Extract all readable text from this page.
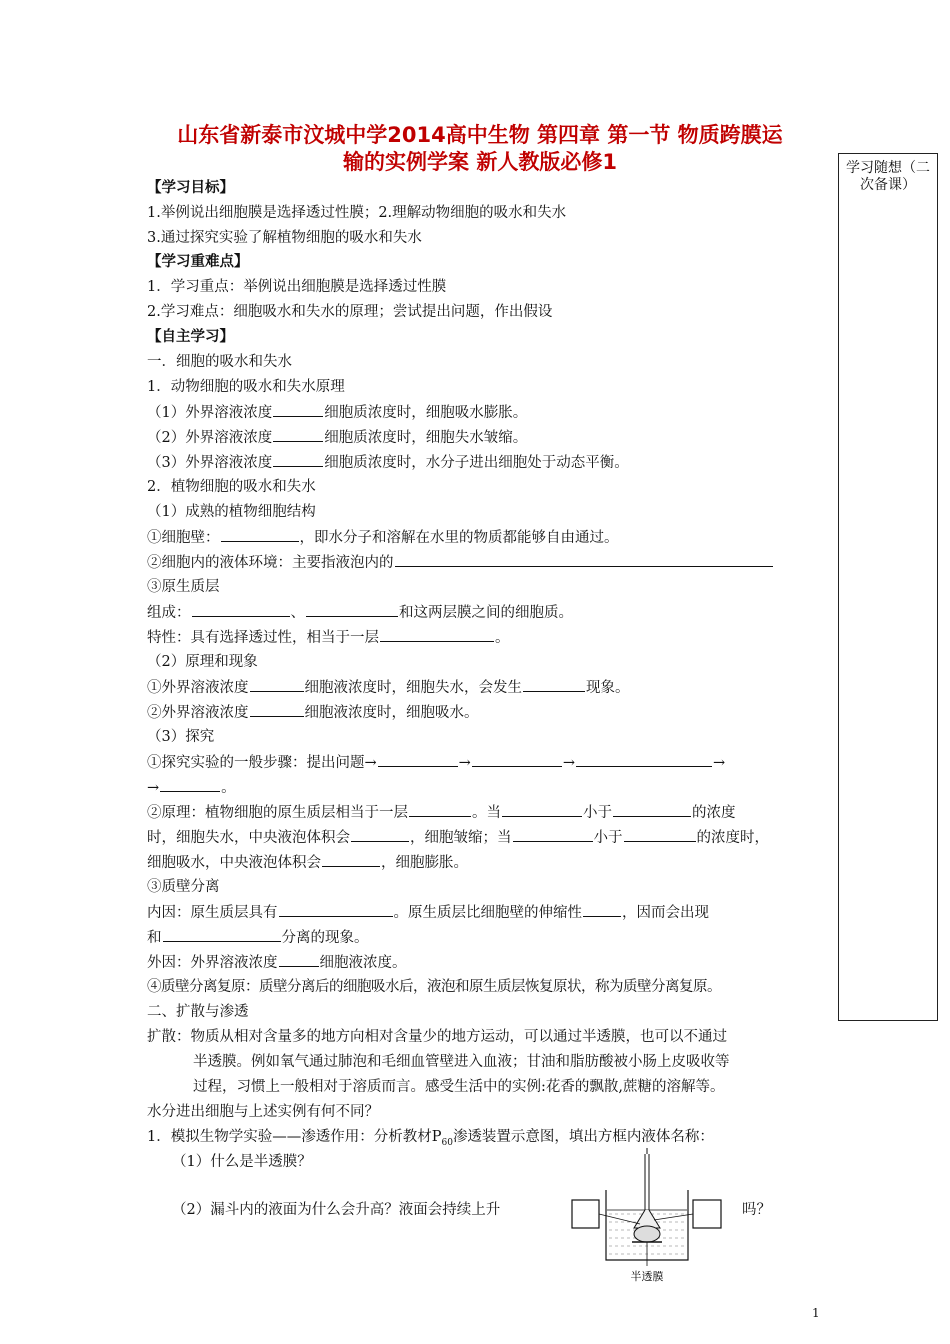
山东省新泰市汶城中学2014高中生物 第四章 第一节 物质跨膜运
输的实例学案 新人教版必修1	学习随想（二次备课）
【学习目标】
1.举例说出细胞膜是选择透过性膜；2.理解动物细胞的吸水和失水
3.通过探究实验了解植物细胞的吸水和失水
【学习重难点】
1．学习重点：举例说出细胞膜是选择透过性膜
2.学习难点：细胞吸水和失水的原理；尝试提出问题，作出假设
【自主学习】
一．细胞的吸水和失水
1．动物细胞的吸水和失水原理
（1）外界溶液浓度	细胞质浓度时，细胞吸水膨胀。
（2）外界溶液浓度	细胞质浓度时，细胞失水皱缩。
（3）外界溶液浓度	细胞质浓度时，水分子进出细胞处于动态平衡。
2．植物细胞的吸水和失水
（1）成熟的植物细胞结构
①细胞壁：	，即水分子和溶解在水里的物质都能够自由通过。
②细胞内的液体环境：主要指液泡内的
③原生质层
组成：	、	和这两层膜之间的细胞质。
特性：具有选择透过性，相当于一层	。
（2）原理和现象
①外界溶液浓度	细胞液浓度时，细胞失水，会发生	现象。
②外界溶液浓度	细胞液浓度时，细胞吸水。
（3）探究
①探究实验的一般步骤：提出问题→	→	→	→
→	。
②原理：植物细胞的原生质层相当于一层	。当	小于	的浓度
时，细胞失水，中央液泡体积会	，细胞皱缩；当	小于	的浓度时，
细胞吸水，中央液泡体积会	，细胞膨胀。
③质壁分离
内因：原生质层具有	。原生质层比细胞壁的伸缩性	，因而会出现
和	分离的现象。
外因：外界溶液浓度	细胞液浓度。
④质壁分离复原：质壁分离后的细胞吸水后，液泡和原生质层恢复原状，称为质壁分离复原。
二、扩散与渗透
扩散：物质从相对含量多的地方向相对含量少的地方运动，可以通过半透膜，也可以不通过
半透膜。例如氧气通过肺泡和毛细血管壁进入血液；甘油和脂肪酸被小肠上皮吸收等
过程，习惯上一般相对于溶质而言。感受生活中的实例:花香的飘散,蔗糖的溶解等。
水分进出细胞与上述实例有何不同？
1．模拟生物学实验——渗透作用：分析教材$P_{60}$渗透装置示意图，填出方框内液体名称：
（1）什么是半透膜？
（2）漏斗内的液面为什么会升高？液面会持续上升	吗？
半透膜
1
